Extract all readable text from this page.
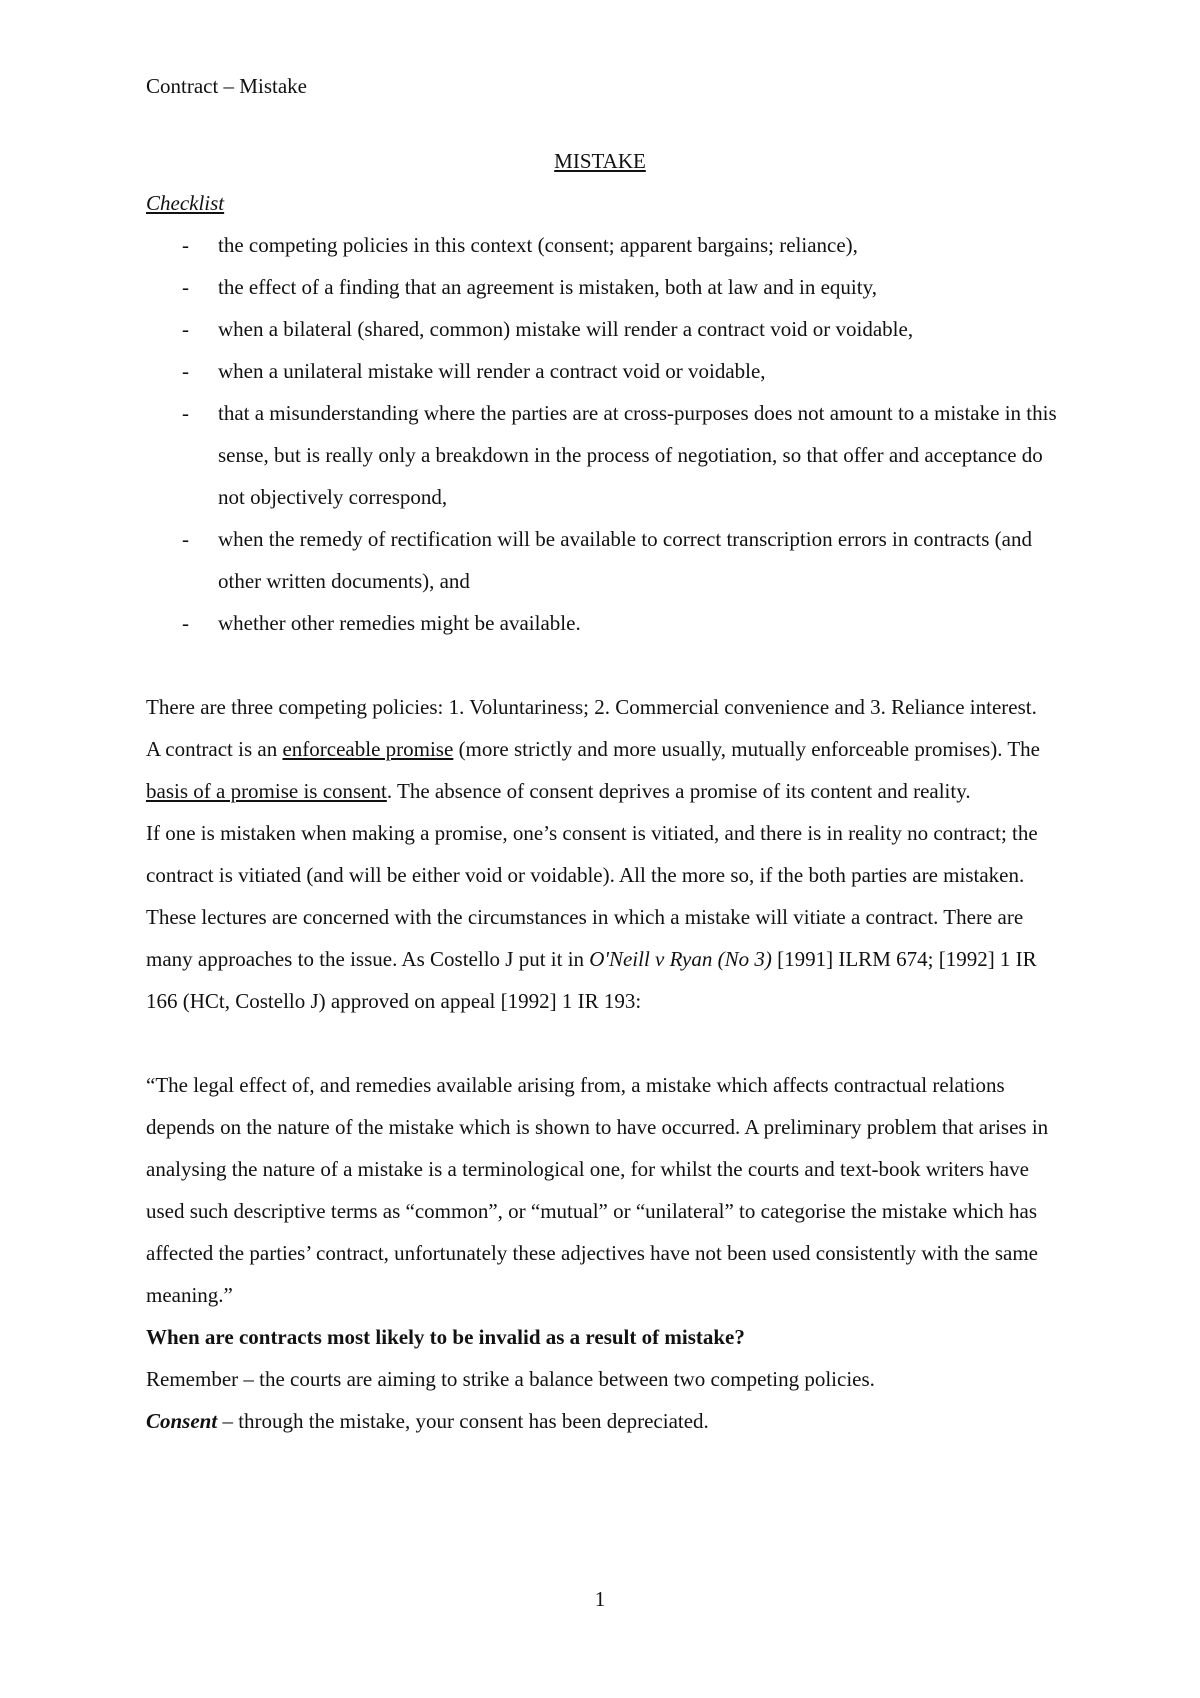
Contract – Mistake
MISTAKE
Checklist
- the competing policies in this context (consent; apparent bargains; reliance),
- the effect of a finding that an agreement is mistaken, both at law and in equity,
- when a bilateral (shared, common) mistake will render a contract void or voidable,
- when a unilateral mistake will render a contract void or voidable,
- that a misunderstanding where the parties are at cross-purposes does not amount to a mistake in this sense, but is really only a breakdown in the process of negotiation, so that offer and acceptance do not objectively correspond,
- when the remedy of rectification will be available to correct transcription errors in contracts (and other written documents), and
- whether other remedies might be available.

There are three competing policies: 1. Voluntariness; 2. Commercial convenience and 3. Reliance interest.

A contract is an enforceable promise (more strictly and more usually, mutually enforceable promises). The basis of a promise is consent. The absence of consent deprives a promise of its content and reality.

If one is mistaken when making a promise, one’s consent is vitiated, and there is in reality no contract; the contract is vitiated (and will be either void or voidable). All the more so, if the both parties are mistaken. These lectures are concerned with the circumstances in which a mistake will vitiate a contract. There are many approaches to the issue. As Costello J put it in O'Neill v Ryan (No 3) [1991] ILRM 674; [1992] 1 IR 166 (HCt, Costello J) approved on appeal [1992] 1 IR 193:

“The legal effect of, and remedies available arising from, a mistake which affects contractual relations depends on the nature of the mistake which is shown to have occurred. A preliminary problem that arises in analysing the nature of a mistake is a terminological one, for whilst the courts and text-book writers have used such descriptive terms as “common”, or “mutual” or “unilateral” to categorise the mistake which has affected the parties’ contract, unfortunately these adjectives have not been used consistently with the same meaning.”

When are contracts most likely to be invalid as a result of mistake?

Remember – the courts are aiming to strike a balance between two competing policies.

Consent – through the mistake, your consent has been depreciated.

1
